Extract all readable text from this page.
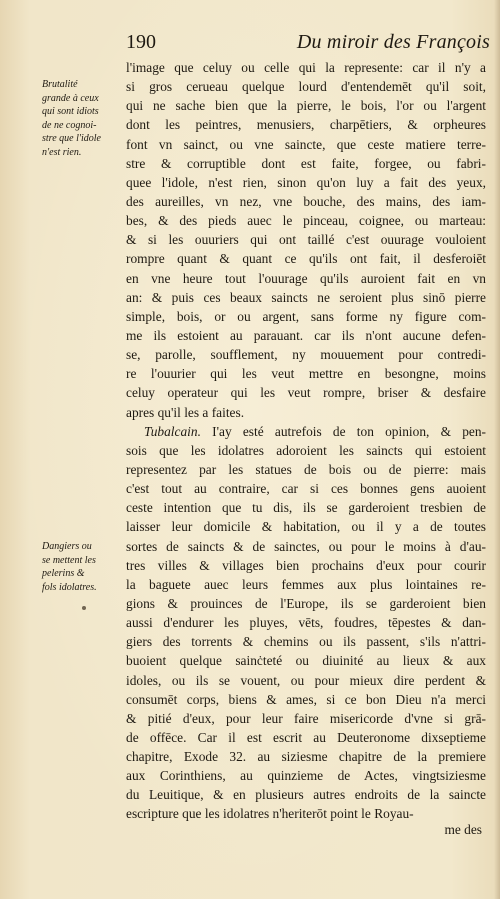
190	Du miroir des François
Brutalité
grande à ceux
qui sont idiots
de ne cognoi-
stre que l'idole
n'est rien.
Dangiers ou
se mettent les
pelerins &
fols idolatres.
l'image que celuy ou celle qui la represente: car il n'y a
si gros cerueau quelque lourd d'entendemēt qu'il soit,
qui ne sache bien que la pierre, le bois, l'or ou l'argent
dont les peintres, menusiers, charpētiers, & orpheures
font vn sainct, ou vne saincte, que ceste matiere terre-
stre & corruptible dont est faite, forgee, ou fabri-
quee l'idole, n'est rien, sinon qu'on luy a fait des yeux,
des aureilles, vn nez, vne bouche, des mains, des iam-
bes, & des pieds auec le pinceau, coignee, ou marteau:
& si les ouuriers qui ont taillé c'est ouurage vouloient
rompre quant & quant ce qu'ils ont fait, il desferoiēt
en vne heure tout l'ouurage qu'ils auroient fait en vn
an: & puis ces beaux saincts ne seroient plus sinō pierre
simple, bois, or ou argent, sans forme ny figure com-
me ils estoient au parauant. car ils n'ont aucune defen-
se, parolle, soufflement, ny mouuement pour contredi-
re l'ouurier qui les veut mettre en besongne, moins
celuy operateur qui les veut rompre, briser & desfaire
apres qu'il les a faites.
Tubalcain. I'ay esté autrefois de ton opinion, & pen-
sois que les idolatres adoroient les saincts qui estoient
representez par les statues de bois ou de pierre: mais
c'est tout au contraire, car si ces bonnes gens auoient
ceste intention que tu dis, ils se garderoient tresbien de
laisser leur domicile & habitation, ou il y a de toutes
sortes de saincts & de sainctes, ou pour le moins à d'au-
tres villes & villages bien prochains d'eux pour courir
la baguete auec leurs femmes aux plus lointaines re-
gions & prouinces de l'Europe, ils se garderoient bien
aussi d'endurer les pluyes, vēts, foudres, tēpestes & dan-
giers des torrents & chemins ou ils passent, s'ils n'attri-
buoient quelque sainċteté ou diuinité au lieux & aux
idoles, ou ils se vouent, ou pour mieux dire perdent &
consumēt corps, biens & ames, si ce bon Dieu n'a merci
& pitié d'eux, pour leur faire misericorde d'vne si grā-
de offēce. Car il est escrit au Deuteronome dixseptieme
chapitre, Exode 32. au siziesme chapitre de la premiere
aux Corinthiens, au quinzieme de Actes, vingtsiziesme
du Leuitique, & en plusieurs autres endroits de la saincte
escripture que les idolatres n'heriterōt point le Royau-
me des
